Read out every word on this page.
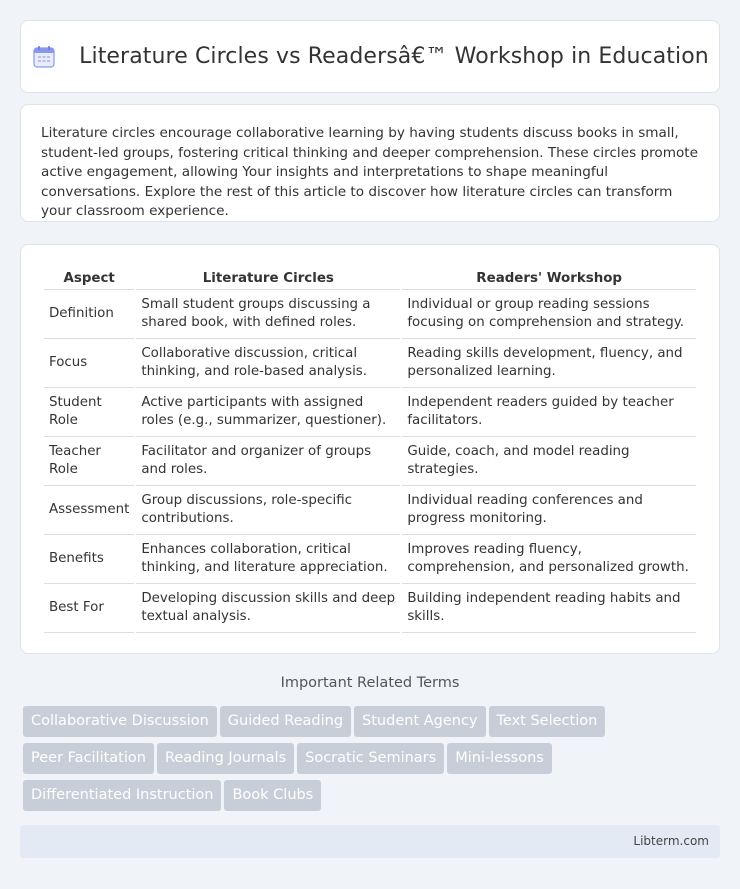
Literature Circles vs Readersâ€™ Workshop in Education

Literature circles encourage collaborative learning by having students discuss books in small, student-led groups, fostering critical thinking and deeper comprehension. These circles promote active engagement, allowing Your insights and interpretations to shape meaningful conversations. Explore the rest of this article to discover how literature circles can transform your classroom experience.

Aspect	Literature Circles	Readers' Workshop
Definition	Small student groups discussing a shared book, with defined roles.	Individual or group reading sessions focusing on comprehension and strategy.
Focus	Collaborative discussion, critical thinking, and role-based analysis.	Reading skills development, fluency, and personalized learning.
Student Role	Active participants with assigned roles (e.g., summarizer, questioner).	Independent readers guided by teacher facilitators.
Teacher Role	Facilitator and organizer of groups and roles.	Guide, coach, and model reading strategies.
Assessment	Group discussions, role-specific contributions.	Individual reading conferences and progress monitoring.
Benefits	Enhances collaboration, critical thinking, and literature appreciation.	Improves reading fluency, comprehension, and personalized growth.
Best For	Developing discussion skills and deep textual analysis.	Building independent reading habits and skills.
Important Related Terms
Collaborative Discussion Guided Reading Student Agency Text Selection
Peer Facilitation Reading Journals Socratic Seminars Mini-lessons
Differentiated Instruction Book Clubs
Libterm.com
